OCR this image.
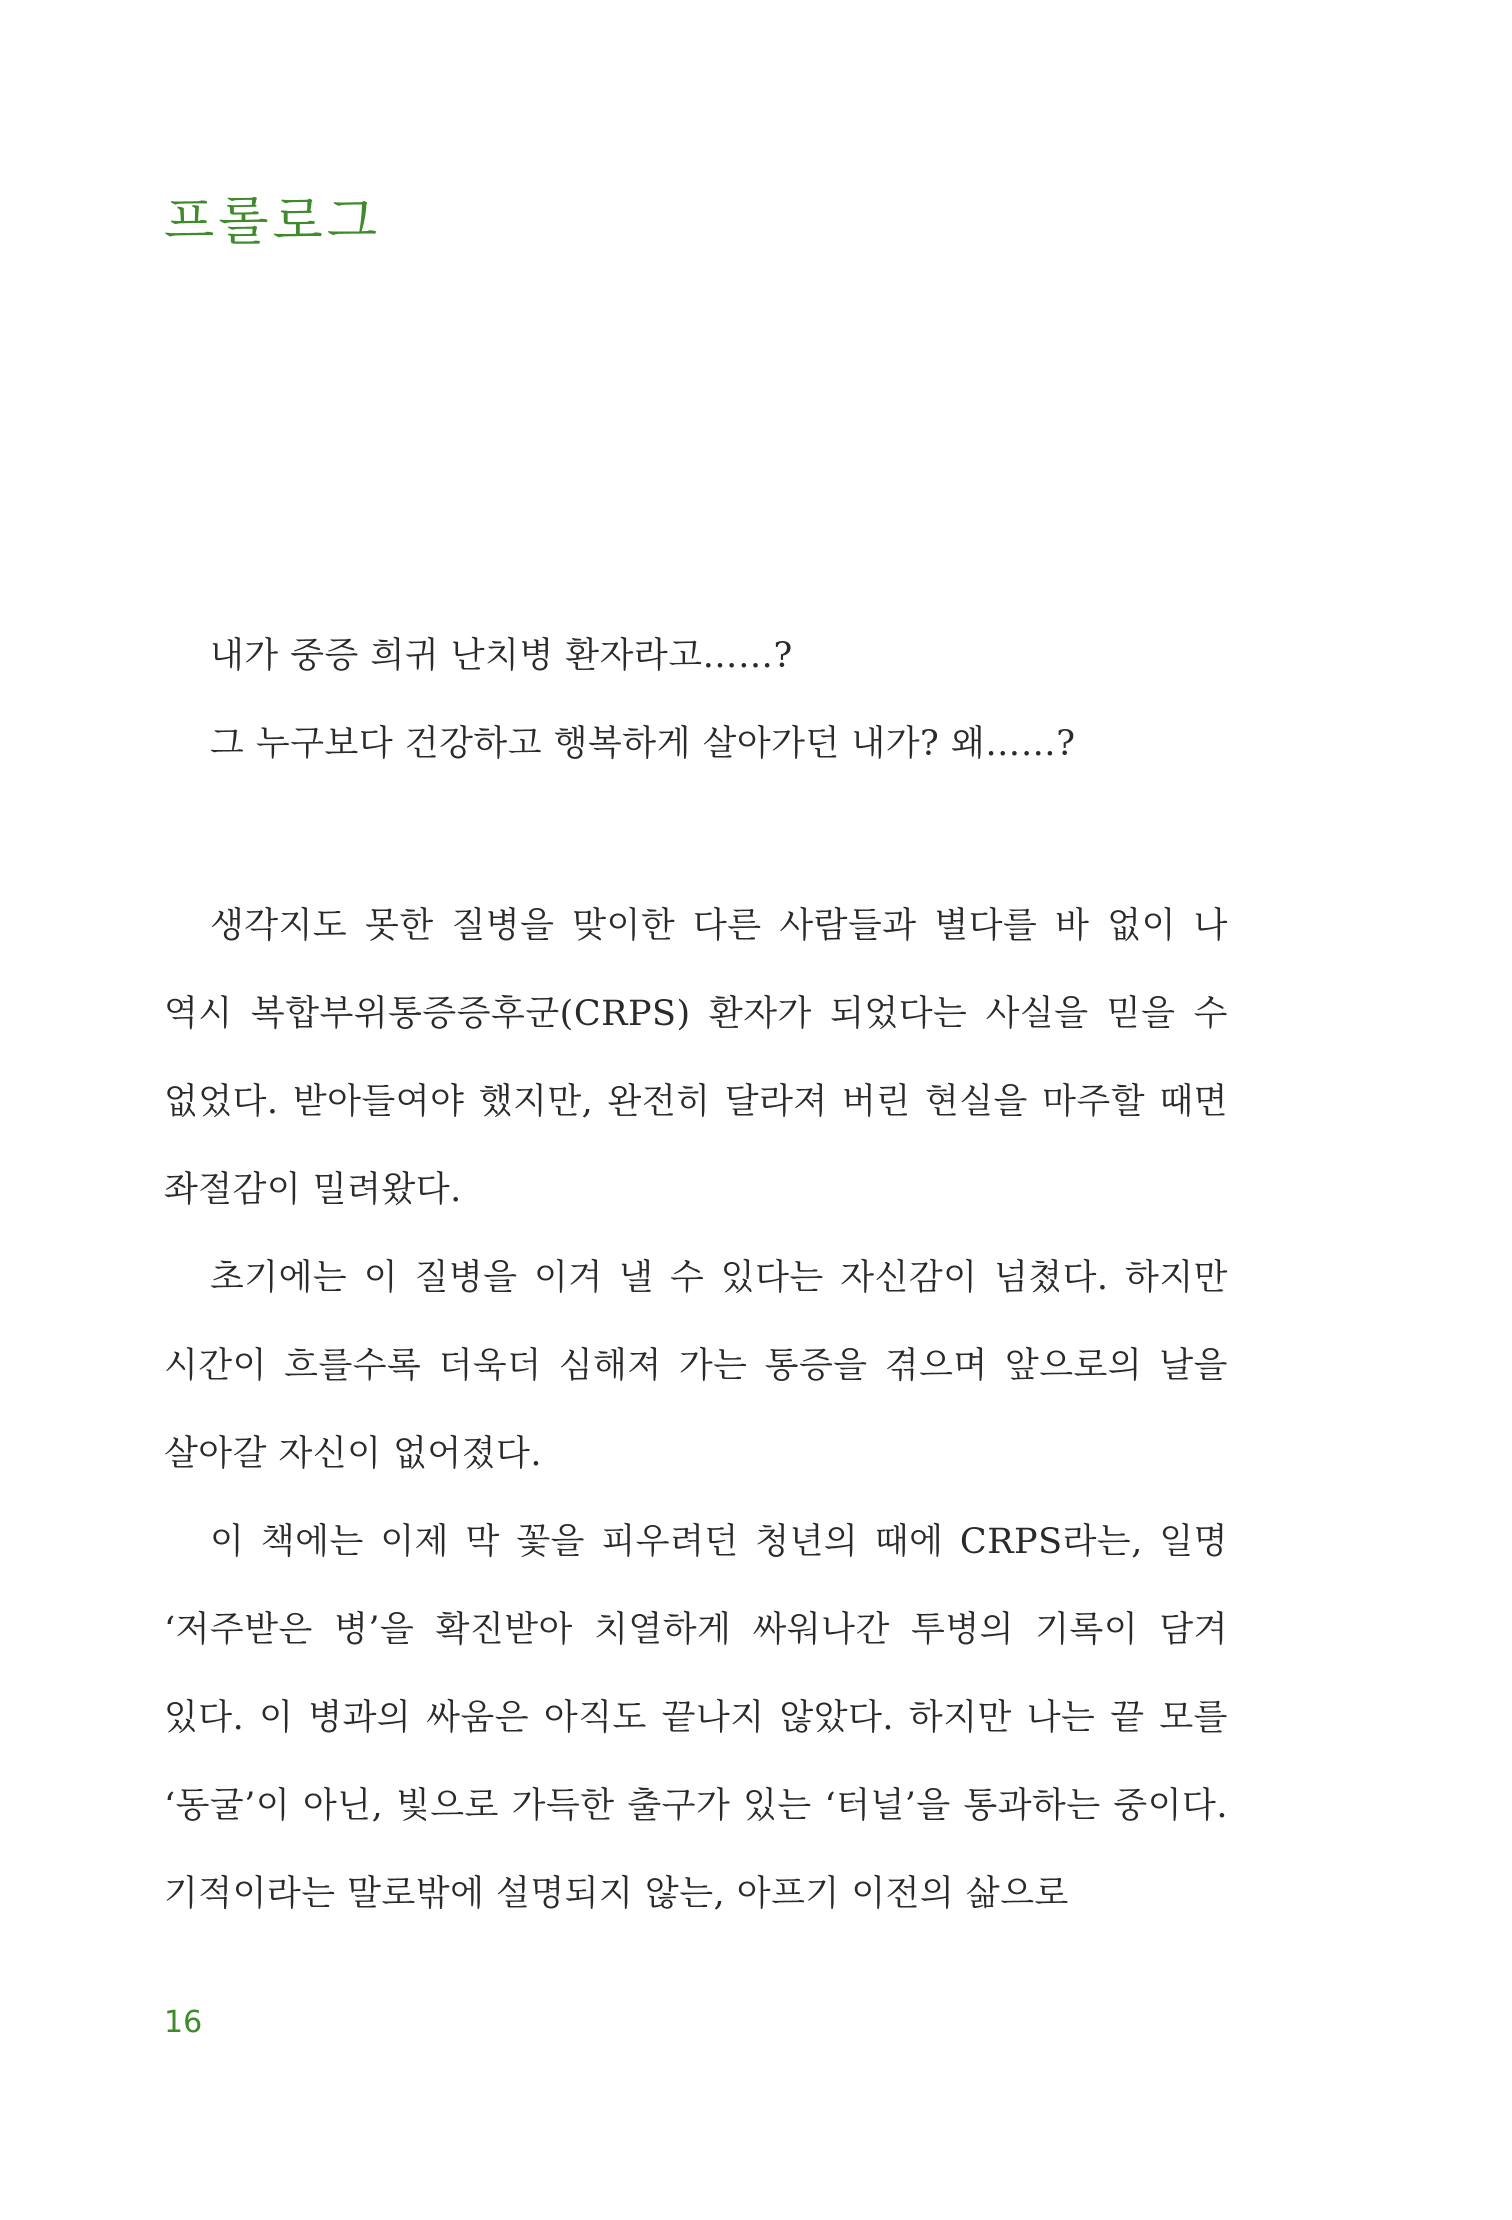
프롤로그

내가 중증 희귀 난치병 환자라고……?

그 누구보다 건강하고 행복하게 살아가던 내가? 왜……?

생각지도 못한 질병을 맞이한 다른 사람들과 별다를 바 없이 나 역시 복합부위통증증후군(CRPS) 환자가 되었다는 사실을 믿을 수 없었다. 받아들여야 했지만, 완전히 달라져 버린 현실을 마주할 때면 좌절감이 밀려왔다.

초기에는 이 질병을 이겨 낼 수 있다는 자신감이 넘쳤다. 하지만 시간이 흐를수록 더욱더 심해져 가는 통증을 겪으며 앞으로의 날을 살아갈 자신이 없어졌다.

이 책에는 이제 막 꽃을 피우려던 청년의 때에 CRPS라는, 일명 ‘저주받은 병’을 확진받아 치열하게 싸워나간 투병의 기록이 담겨 있다. 이 병과의 싸움은 아직도 끝나지 않았다. 하지만 나는 끝 모를 ‘동굴’이 아닌, 빛으로 가득한 출구가 있는 ‘터널’을 통과하는 중이다. 기적이라는 말로밖에 설명되지 않는, 아프기 이전의 삶으로

16
